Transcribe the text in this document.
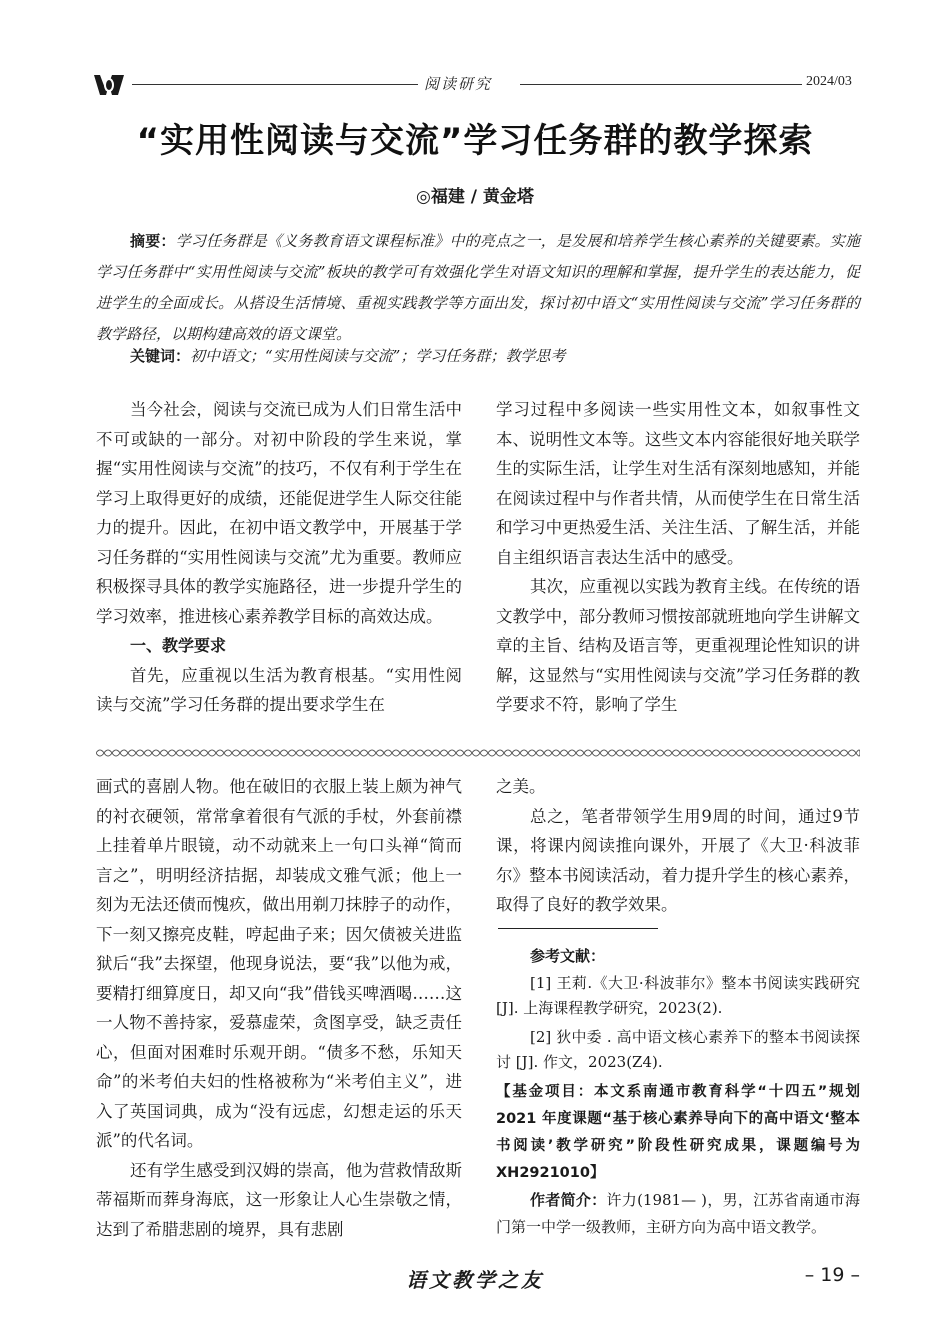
阅读研究	2024/03
“实用性阅读与交流”学习任务群的教学探索
◎福建 / 黄金塔
摘要：学习任务群是《义务教育语文课程标准》中的亮点之一，是发展和培养学生核心素养的关键要素。实施学习任务群中“实用性阅读与交流”板块的教学可有效强化学生对语文知识的理解和掌握，提升学生的表达能力，促进学生的全面成长。从搭设生活情境、重视实践教学等方面出发，探讨初中语文“实用性阅读与交流”学习任务群的教学路径，以期构建高效的语文课堂。
关键词：初中语文；“实用性阅读与交流”；学习任务群；教学思考

当今社会，阅读与交流已成为人们日常生活中不可或缺的一部分。对初中阶段的学生来说，掌握“实用性阅读与交流”的技巧，不仅有利于学生在学习上取得更好的成绩，还能促进学生人际交往能力的提升。因此，在初中语文教学中，开展基于学习任务群的“实用性阅读与交流”尤为重要。教师应积极探寻具体的教学实施路径，进一步提升学生的学习效率，推进核心素养教学目标的高效达成。

一、教学要求

首先，应重视以生活为教育根基。“实用性阅读与交流”学习任务群的提出要求学生在

学习过程中多阅读一些实用性文本，如叙事性文本、说明性文本等。这些文本内容能很好地关联学生的实际生活，让学生对生活有深刻地感知，并能在阅读过程中与作者共情，从而使学生在日常生活和学习中更热爱生活、关注生活、了解生活，并能自主组织语言表达生活中的感受。

其次，应重视以实践为教育主线。在传统的语文教学中，部分教师习惯按部就班地向学生讲解文章的主旨、结构及语言等，更重视理论性知识的讲解，这显然与“实用性阅读与交流”学习任务群的教学要求不符，影响了学生

画式的喜剧人物。他在破旧的衣服上装上颇为神气的衬衣硬领，常常拿着很有气派的手杖，外套前襟上挂着单片眼镜，动不动就来上一句口头禅“简而言之”，明明经济拮据，却装成文雅气派；他上一刻为无法还债而愧疚，做出用剃刀抹脖子的动作，下一刻又擦亮皮鞋，哼起曲子来；因欠债被关进监狱后“我”去探望，他现身说法，要“我”以他为戒，要精打细算度日，却又向“我”借钱买啤酒喝……这一人物不善持家，爱慕虚荣，贪图享受，缺乏责任心，但面对困难时乐观开朗。“债多不愁，乐知天命”的米考伯夫妇的性格被称为“米考伯主义”，进入了英国词典，成为“没有远虑，幻想走运的乐天派”的代名词。

还有学生感受到汉姆的崇高，他为营救情敌斯蒂福斯而葬身海底，这一形象让人心生崇敬之情，达到了希腊悲剧的境界，具有悲剧

之美。

总之，笔者带领学生用9周的时间，通过9节课，将课内阅读推向课外，开展了《大卫·科波菲尔》整本书阅读活动，着力提升学生的核心素养，取得了良好的教学效果。

参考文献：

[1] 王莉.《大卫·科波菲尔》整本书阅读实践研究 [J]. 上海课程教学研究，2023(2).

[2] 狄中委 . 高中语文核心素养下的整本书阅读探讨 [J]. 作文，2023(Z4).

【基金项目：本文系南通市教育科学“十四五”规划 2021 年度课题“基于核心素养导向下的高中语文‘整本书阅读’教学研究”阶段性研究成果，课题编号为 XH2921010】
作者简介：许力(1981— )，男，江苏省南通市海门第一中学一级教师，主研方向为高中语文教学。
语文教学之友	– 19 –
